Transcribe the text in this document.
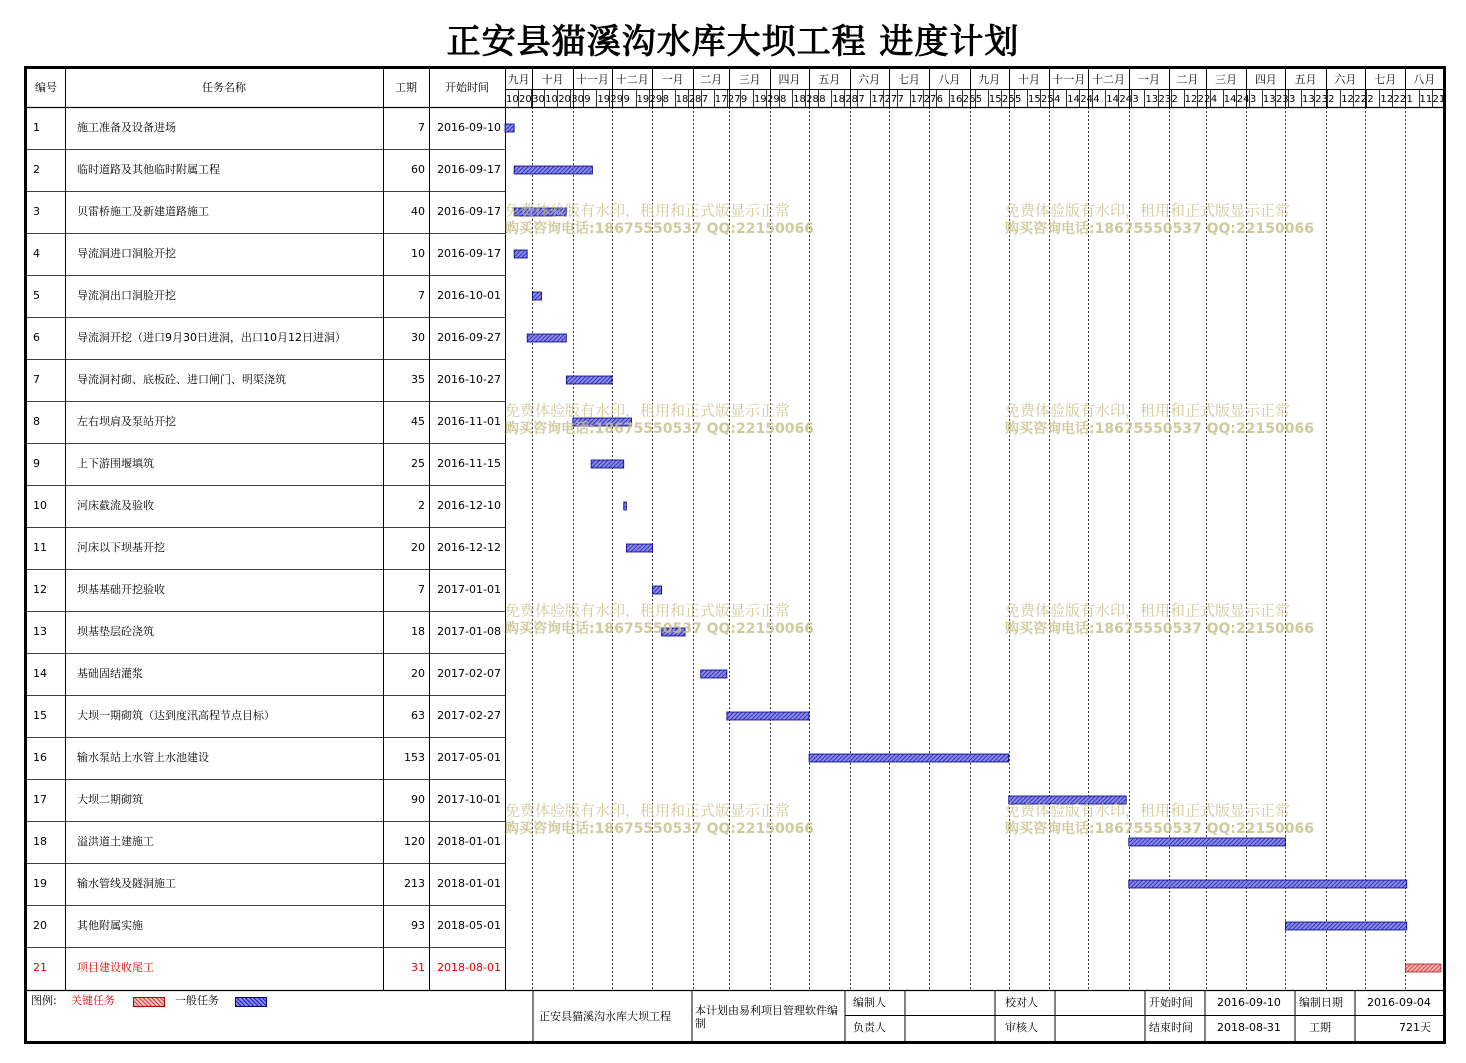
正安县猫溪沟水库大坝工程 进度计划
九月 十月 十一月 十二月 一月 二月 三月 四月 五月 六月 七月 八月 九月 十月 十一月 十二月 一月 二月 三月 四月 五月 六月 七月 八月
10 20 30 10 20 30 9 19 29 9 19 29 8 18 28 7 17 27 9 19 29 8 18 28 8 18 28 7 17 27 7 17 27 6 16 26 5 15 25 5 15 25 4 14 24 4 14 24 3 13 23 2 12 22 4 14 24 3 13 23 3 13 23 2 12 22 2 12 22 1 11 21
编号	任务名称	工期	开始时间
1	施工准备及设备进场	7 2016-09-10
2	临时道路及其他临时附属工程	60 2016-09-17
3	贝雷桥施工及新建道路施工	40 2016-09-17
4	导流洞进口洞脸开挖	10 2016-09-17
5	导流洞出口洞脸开挖	7 2016-10-01
6	导流洞开挖（进口9月30日进洞，出口10月12日进洞）	30 2016-09-27
7	导流洞衬砌、底板砼、进口闸门、明渠浇筑	35 2016-10-27
8	左右坝肩及泵站开挖	45 2016-11-01
9	上下游围堰填筑	25 2016-11-15
10	河床截流及验收	2 2016-12-10
11	河床以下坝基开挖	20 2016-12-12
12	坝基基础开挖验收	7 2017-01-01
13	坝基垫层砼浇筑	18 2017-01-08
14	基础固结灌浆	20 2017-02-07
15	大坝一期砌筑（达到度汛高程节点目标）	63 2017-02-27
16	输水泵站上水管上水池建设	153 2017-05-01
17	大坝二期砌筑	90 2017-10-01
18	溢洪道土建施工	120 2018-01-01
19	输水管线及隧洞施工	213 2018-01-01
20	其他附属实施	93 2018-05-01
21	项目建设收尾工	31 2018-08-01
免费体验版有水印，租用和正式版显示正常
购买咨询电话:18675550537 QQ:22150066
免费体验版有水印，租用和正式版显示正常
购买咨询电话:18675550537 QQ:22150066
免费体验版有水印，租用和正式版显示正常
购买咨询电话:18675550537 QQ:22150066
免费体验版有水印，租用和正式版显示正常
购买咨询电话:18675550537 QQ:22150066
免费体验版有水印，租用和正式版显示正常
购买咨询电话:18675550537 QQ:22150066
免费体验版有水印，租用和正式版显示正常
购买咨询电话:18675550537 QQ:22150066
免费体验版有水印，租用和正式版显示正常
购买咨询电话:18675550537 QQ:22150066
免费体验版有水印，租用和正式版显示正常
购买咨询电话:18675550537 QQ:22150066
图例: 关键任务	一般任务
正安县猫溪沟水库大坝工程 本计划由易利项目管理软件编制
编制人
负责人
校对人
审核人
开始时间 2016-09-10
结束时间 2018-08-31
编制日期 2016-09-04
工期	721天
